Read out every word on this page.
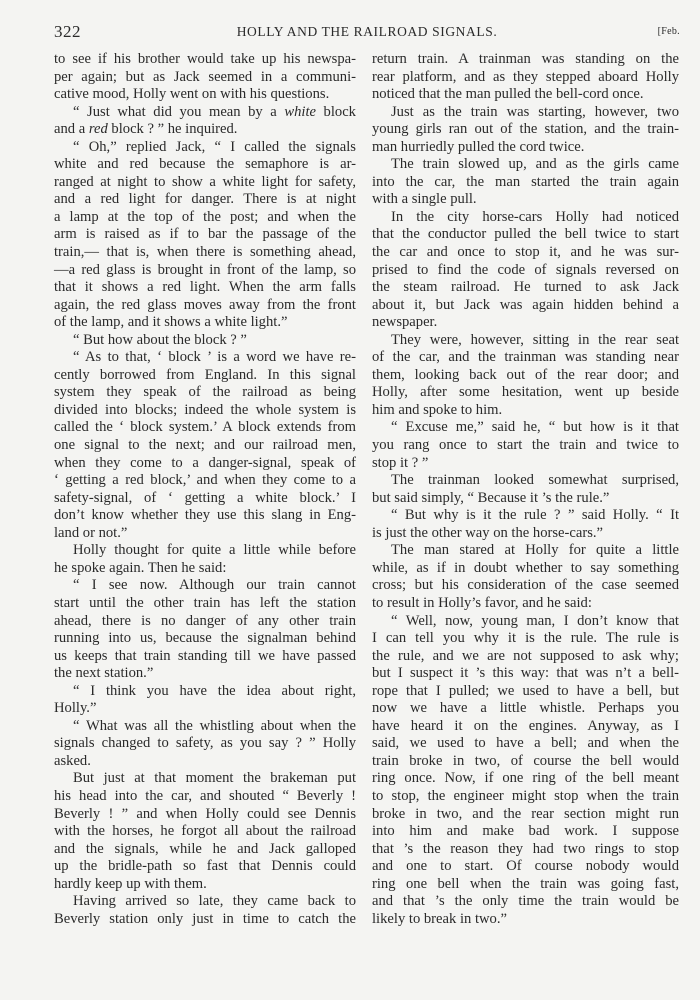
322	HOLLY AND THE RAILROAD SIGNALS.	[Feb.
to see if his brother would take up his newspa-
per again; but as Jack seemed in a communi-
cative mood, Holly went on with his questions.
“ Just what did you mean by a white block
and a red block ? ” he inquired.
“ Oh,” replied Jack, “ I called the signals
white and red because the semaphore is ar-
ranged at night to show a white light for safety,
and a red light for danger. There is at night
a lamp at the top of the post; and when the
arm is raised as if to bar the passage of the
train,— that is, when there is something ahead,
—a red glass is brought in front of the lamp, so
that it shows a red light. When the arm falls
again, the red glass moves away from the front
of the lamp, and it shows a white light.”
“ But how about the block ? ”
“ As to that, ‘ block ’ is a word we have re-
cently borrowed from England. In this signal
system they speak of the railroad as being
divided into blocks; indeed the whole system is
called the ‘ block system.’ A block extends from
one signal to the next; and our railroad men,
when they come to a danger-signal, speak of
‘ getting a red block,’ and when they come to a
safety-signal, of ‘ getting a white block.’ I
don’t know whether they use this slang in Eng-
land or not.”
Holly thought for quite a little while before
he spoke again. Then he said:
“ I see now. Although our train cannot
start until the other train has left the station
ahead, there is no danger of any other train
running into us, because the signalman behind
us keeps that train standing till we have passed
the next station.”
“ I think you have the idea about right,
Holly.”
“ What was all the whistling about when the
signals changed to safety, as you say ? ” Holly
asked.
But just at that moment the brakeman put
his head into the car, and shouted “ Beverly !
Beverly ! ” and when Holly could see Dennis
with the horses, he forgot all about the railroad
and the signals, while he and Jack galloped
up the bridle-path so fast that Dennis could
hardly keep up with them.
Having arrived so late, they came back to
Beverly station only just in time to catch the
return train. A trainman was standing on the
rear platform, and as they stepped aboard Holly
noticed that the man pulled the bell-cord once.
Just as the train was starting, however, two
young girls ran out of the station, and the train-
man hurriedly pulled the cord twice.
The train slowed up, and as the girls came
into the car, the man started the train again
with a single pull.
In the city horse-cars Holly had noticed
that the conductor pulled the bell twice to start
the car and once to stop it, and he was sur-
prised to find the code of signals reversed on
the steam railroad. He turned to ask Jack
about it, but Jack was again hidden behind a
newspaper.
They were, however, sitting in the rear seat
of the car, and the trainman was standing near
them, looking back out of the rear door; and
Holly, after some hesitation, went up beside
him and spoke to him.
“ Excuse me,” said he, “ but how is it that
you rang once to start the train and twice to
stop it ? ”
The trainman looked somewhat surprised,
but said simply, “ Because it ’s the rule.”
“ But why is it the rule ? ” said Holly. “ It
is just the other way on the horse-cars.”
The man stared at Holly for quite a little
while, as if in doubt whether to say something
cross; but his consideration of the case seemed
to result in Holly’s favor, and he said:
“ Well, now, young man, I don’t know that
I can tell you why it is the rule. The rule is
the rule, and we are not supposed to ask why;
but I suspect it ’s this way: that was n’t a bell-
rope that I pulled; we used to have a bell, but
now we have a little whistle. Perhaps you
have heard it on the engines. Anyway, as I
said, we used to have a bell; and when the
train broke in two, of course the bell would
ring once. Now, if one ring of the bell meant
to stop, the engineer might stop when the train
broke in two, and the rear section might run
into him and make bad work. I suppose
that ’s the reason they had two rings to stop
and one to start. Of course nobody would
ring one bell when the train was going fast,
and that ’s the only time the train would be
likely to break in two.”
